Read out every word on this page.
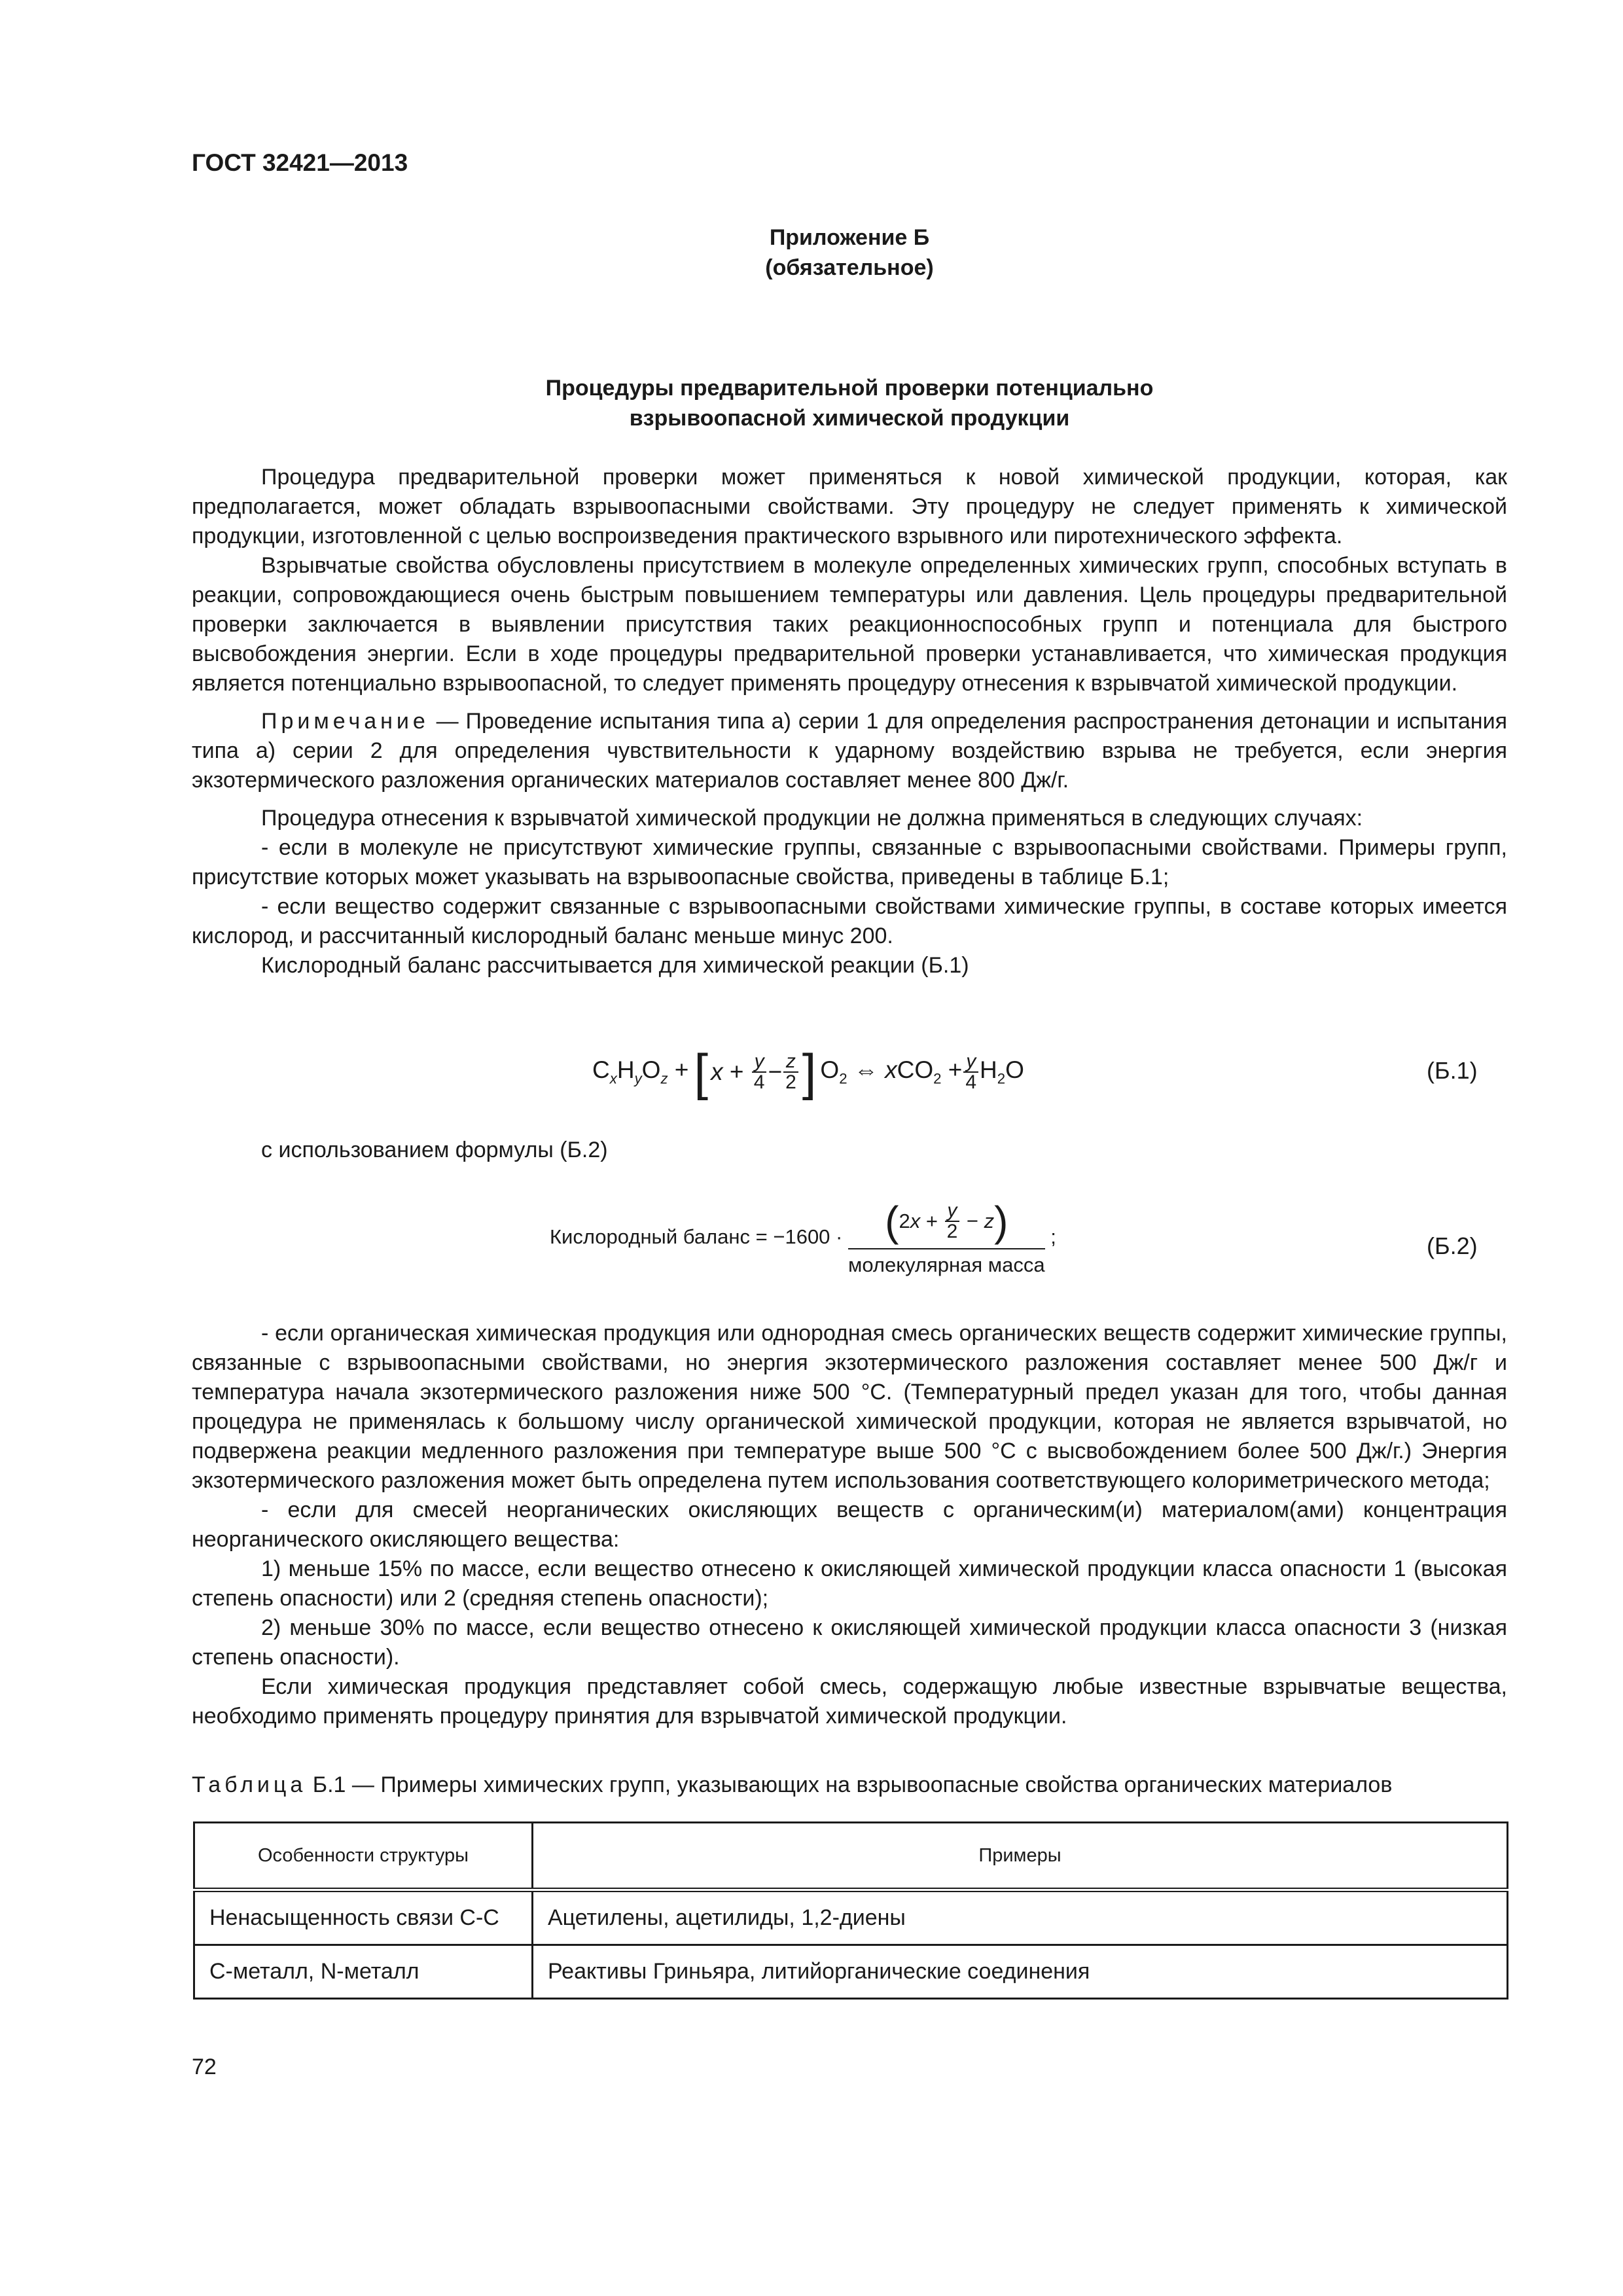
ГОСТ 32421—2013
Приложение Б
(обязательное)
Процедуры предварительной проверки потенциально
взрывоопасной химической продукции

Процедура предварительной проверки может применяться к новой химической продукции, которая, как предполагается, может обладать взрывоопасными свойствами. Эту процедуру не следует применять к химической продукции, изготовленной с целью воспроизведения практического взрывного или пиротехнического эффекта.

Взрывчатые свойства обусловлены присутствием в молекуле определенных химических групп, способных вступать в реакции, сопровождающиеся очень быстрым повышением температуры или давления. Цель процедуры предварительной проверки заключается в выявлении присутствия таких реакционноспособных групп и потенциала для быстрого высвобождения энергии. Если в ходе процедуры предварительной проверки устанавливается, что химическая продукция является потенциально взрывоопасной, то следует применять процедуру отнесения к взрывчатой химической продукции.

Примечание — Проведение испытания типа а) серии 1 для определения распространения детонации и испытания типа а) серии 2 для определения чувствительности к ударному воздействию взрыва не требуется, если энергия экзотермического разложения органических материалов составляет менее 800 Дж/г.

Процедура отнесения к взрывчатой химической продукции не должна применяться в следующих случаях:

- если в молекуле не присутствуют химические группы, связанные с взрывоопасными свойствами. Примеры групп, присутствие которых может указывать на взрывоопасные свойства, приведены в таблице Б.1;

- если вещество содержит связанные с взрывоопасными свойствами химические группы, в составе которых имеется кислород, и рассчитанный кислородный баланс меньше минус 200.

Кислородный баланс рассчитывается для химической реакции (Б.1)

$C_xH_yO_z$ + [ $x + \frac{y}{4} - \frac{z}{2}$ ] $O_2$ ⇔ $xCO_2 + \frac{y}{4} H_2O$	(Б.1)

с использованием формулы (Б.2)

Кислородный баланс = −1600 · ( $2x + \frac{y}{2} - z$ )
молекулярная масса
;	(Б.2)

- если органическая химическая продукция или однородная смесь органических веществ содержит химические группы, связанные с взрывоопасными свойствами, но энергия экзотермического разложения составляет менее 500 Дж/г и температура начала экзотермического разложения ниже 500 °С. (Температурный предел указан для того, чтобы данная процедура не применялась к большому числу органической химической продукции, которая не является взрывчатой, но подвержена реакции медленного разложения при температуре выше 500 °С с высвобождением более 500 Дж/г.) Энергия экзотермического разложения может быть определена путем использования соответствующего колориметрического метода;

- если для смесей неорганических окисляющих веществ с органическим(и) материалом(ами) концентрация неорганического окисляющего вещества:

1) меньше 15% по массе, если вещество отнесено к окисляющей химической продукции класса опасности 1 (высокая степень опасности) или 2 (средняя степень опасности);

2) меньше 30% по массе, если вещество отнесено к окисляющей химической продукции класса опасности 3 (низкая степень опасности).

Если химическая продукция представляет собой смесь, содержащую любые известные взрывчатые вещества, необходимо применять процедуру принятия для взрывчатой химической продукции.

Таблица Б.1 — Примеры химических групп, указывающих на взрывоопасные свойства органических материалов
Особенности структуры	Примеры
Ненасыщенность связи С-С	Ацетилены, ацетилиды, 1,2-диены
С-металл, N-металл	Реактивы Гриньяра, литийорганические соединения
72
